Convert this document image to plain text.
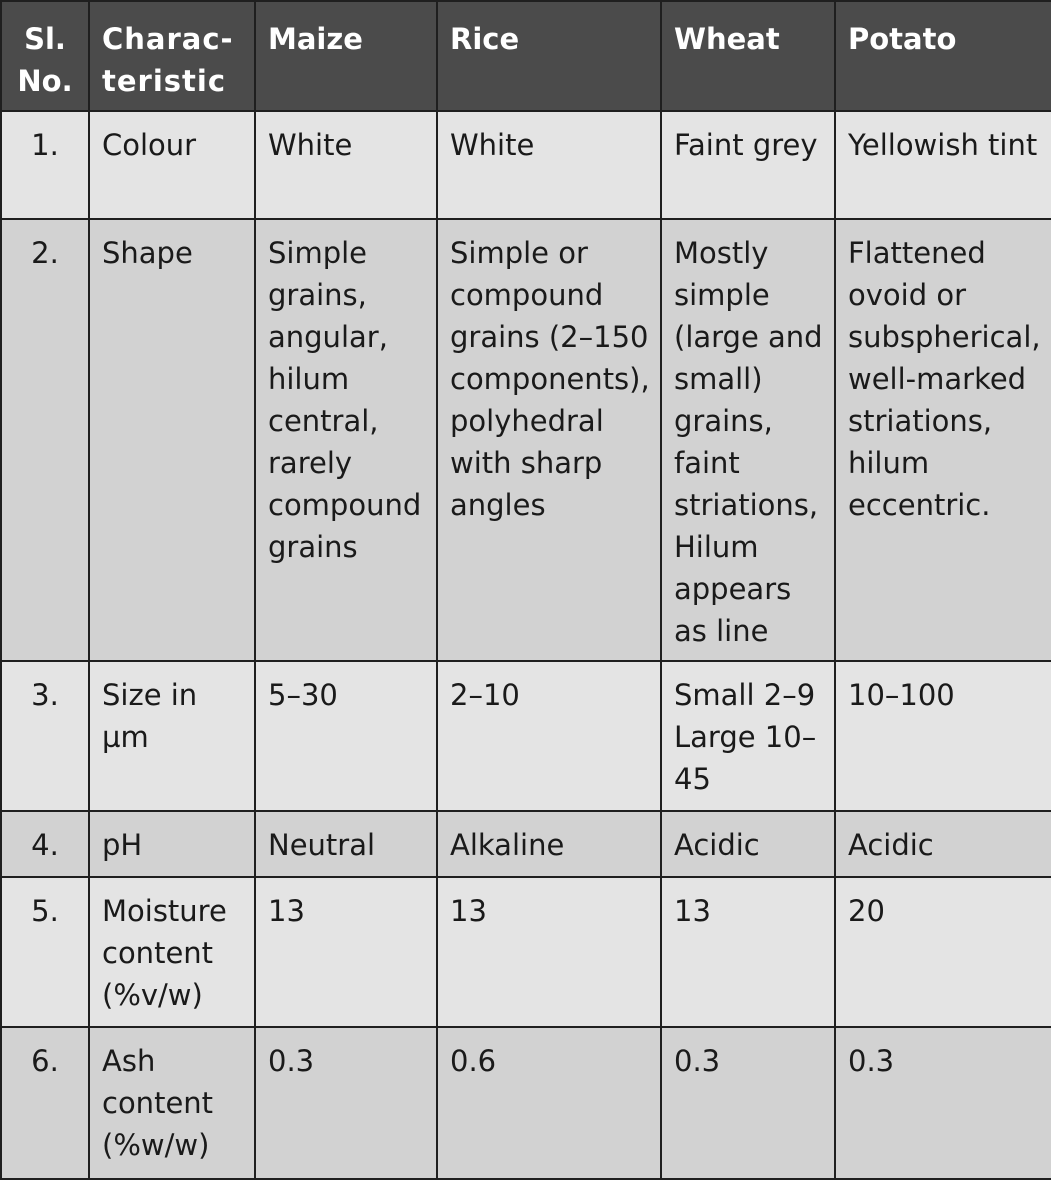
Sl. No.	Charac- teristic	Maize	Rice	Wheat	Potato
1.	Colour	White	White	Faint grey	Yellowish tint
2.	Shape	Simple grains, angular, hilum central, rarely compound grains	Simple or compound grains (2–150 components), polyhedral with sharp angles	Mostly simple (large and small) grains, faint striations, Hilum appears as line	Flattened ovoid or subspherical, well-marked striations, hilum eccentric.
3.	Size in µm	5–30	2–10	Small 2–9 Large 10–45	10–100
4.	pH	Neutral	Alkaline	Acidic	Acidic
5.	Moisture content (%v/w)	13	13	13	20
6.	Ash content (%w/w)	0.3	0.6	0.3	0.3
